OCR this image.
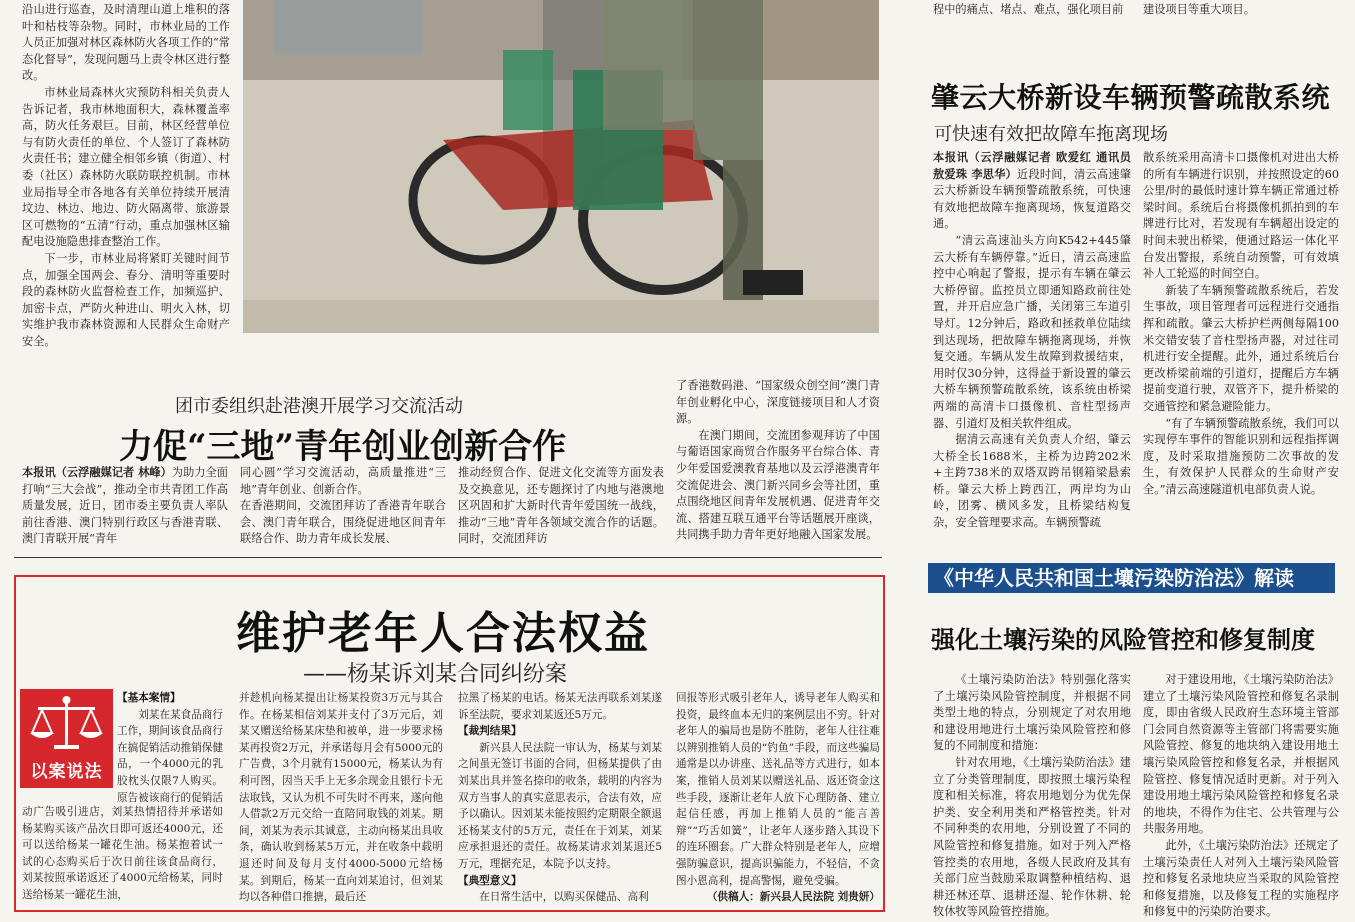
沿山进行巡查，及时清理山道上堆积的落叶和枯枝等杂物。同时，市林业局的工作人员正加强对林区森林防火各项工作的“常态化督导”，发现问题马上责令林区进行整改。

市林业局森林火灾预防科相关负责人告诉记者，我市林地面积大，森林覆盖率高，防火任务艰巨。目前，林区经营单位与有防火责任的单位、个人签订了森林防火责任书；建立健全相邻乡镇（街道）、村委（社区）森林防火联防联控机制。市林业局指导全市各地各有关单位持续开展清坟边、林边、地边、防火隔离带、旅游景区可燃物的“五清”行动，重点加强林区输配电设施隐患排查整治工作。

下一步，市林业局将紧盯关键时间节点，加强全国两会、春分、清明等重要时段的森林防火监督检查工作，加频巡护、加密卡点，严防火种进山、明火入林，切实维护我市森林资源和人民群众生命财产安全。

程中的痛点、堵点、难点，强化项目前	建设项目等重大项目。

肇云大桥新设车辆预警疏散系统
可快速有效把故障车拖离现场

本报讯（云浮融媒记者 欧爱红 通讯员 敖爱珠 李思华）近段时间，清云高速肇云大桥新设车辆预警疏散系统，可快速有效地把故障车拖离现场，恢复道路交通。

“清云高速汕头方向K542+445肇云大桥有车辆停靠。”近日，清云高速监控中心响起了警报，提示有车辆在肇云大桥停留。监控员立即通知路政前往处置，并开启应急广播，关闭第三车道引导灯。12分钟后，路政和拯救单位陆续到达现场，把故障车辆拖离现场，并恢复交通。车辆从发生故障到救援结束，用时仅30分钟，这得益于新设置的肇云大桥车辆预警疏散系统，该系统由桥梁两端的高清卡口摄像机、音柱型扬声器、引道灯及相关软件组成。

据清云高速有关负责人介绍，肇云大桥全长1688米，主桥为边跨202米+主跨738米的双塔双跨吊钢箱梁悬索桥。肇云大桥上跨西江，两岸均为山岭，团雾、横风多发，且桥梁结构复杂，安全管理要求高。车辆预警疏

散系统采用高清卡口摄像机对进出大桥的所有车辆进行识别，并按照设定的60公里/时的最低时速计算车辆正常通过桥梁时间。系统后台将摄像机抓拍到的车牌进行比对，若发现有车辆超出设定的时间未驶出桥梁，便通过路运一体化平台发出警报，系统自动预警，可有效填补人工轮巡的时间空白。

新装了车辆预警疏散系统后，若发生事故，项目管理者可远程进行交通指挥和疏散。肇云大桥护栏两侧每隔100米交错安装了音柱型扬声器，对过往司机进行安全提醒。此外，通过系统后台更改桥梁前端的引道灯，提醒后方车辆提前变道行驶，双管齐下，提升桥梁的交通管控和紧急避险能力。

“有了车辆预警疏散系统，我们可以实现停车事件的智能识别和远程指挥调度，及时采取措施预防二次事故的发生，有效保护人民群众的生命财产安全。”清云高速隧道机电部负责人说。

团市委组织赴港澳开展学习交流活动
力促“三地”青年创业创新合作

本报讯（云浮融媒记者 林峰）为助力全面打响“三大会战”，推动全市共青团工作高质量发展，近日，团市委主要负责人率队前往香港、澳门特别行政区与香港青联、澳门青联开展“青年

同心圆”学习交流活动，高质量推进“三地”青年创业、创新合作。
在香港期间，交流团拜访了香港青年联合会、澳门青年联合，围绕促进地区间青年联络合作、助力青年成长发展、

推动经贸合作、促进文化交流等方面发表及交换意见，还专题探讨了内地与港澳地区巩固和扩大新时代青年爱国统一战线，推动“三地”青年各领域交流合作的话题。同时，交流团拜访

了香港数码港、“国家级众创空间”澳门青年创业孵化中心，深度链接项目和人才资源。

在澳门期间，交流团参观拜访了中国与葡语国家商贸合作服务平台综合体、青少年爱国爱澳教育基地以及云浮港澳青年交流促进会、澳门新兴同乡会等社团，重点围绕地区间青年发展机遇、促进青年交流、搭建互联互通平台等话题展开座谈，共同携手助力青年更好地融入国家发展。

维护老年人合法权益
——杨某诉刘某合同纠纷案
以案说法

【基本案情】

刘某在某食品商行工作，期间该食品商行在搞促销活动推销保健品，一个4000元的乳胶枕头仅限7人购买。原告被该商行的促销活

动广告吸引进店，刘某热情招待并承诺如杨某购买该产品次日即可返还4000元，还可以送给杨某一罐花生油。杨某抱着试一试的心态购买后于次日前往该食品商行，刘某按照承诺返还了4000元给杨某，同时送给杨某一罐花生油，

并趁机向杨某提出让杨某投资3万元与其合作。在杨某相信刘某并支付了3万元后，刘某又赠送给杨某床垫和被单，进一步要求杨某再投资2万元，并承诺每月会有5000元的广告费，3个月就有15000元，杨某认为有利可图，因当天手上无多余现金且银行卡无法取钱，又认为机不可失时不再来，遂向他人借款2万元交给一直陪同取钱的刘某。期间，刘某为表示其诚意，主动向杨某出具收条，确认收到杨某5万元，并在收条中载明退还时间及每月支付4000-5000元给杨某。到期后，杨某一直向刘某追讨，但刘某均以各种借口推搪，最后还

拉黑了杨某的电话。杨某无法再联系刘某遂诉至法院，要求刘某返还5万元。

【裁判结果】

新兴县人民法院一审认为，杨某与刘某之间虽无签订书面的合同，但杨某提供了由刘某出具并签名捺印的收条，载明的内容为双方当事人的真实意思表示，合法有效，应予以确认。因刘某未能按照约定期限全额退还杨某支付的5万元，责任在于刘某，刘某应承担退还的责任。故杨某请求刘某退还5万元，理据充足，本院予以支持。

【典型意义】

在日常生活中，以购买保健品、高利

回报等形式吸引老年人，诱导老年人购买和投资，最终血本无归的案例层出不穷。针对老年人的骗局也是防不胜防，老年人往往难以辨别推销人员的“钓鱼”手段，而这些骗局通常是以办讲座、送礼品等方式进行，如本案，推销人员刘某以赠送礼品、返还资金这些手段，逐渐让老年人放下心理防备、建立起信任感，再加上推销人员的“能言善辩”“巧舌如簧”，让老年人逐步踏入其设下的连环圈套。广大群众特别是老年人，应增强防骗意识，提高识骗能力，不轻信，不贪图小恩高利，提高警惕，避免受骗。

（供稿人：新兴县人民法院 刘贵妍）

《中华人民共和国土壤污染防治法》解读
强化土壤污染的风险管控和修复制度

《土壤污染防治法》特别强化落实了土壤污染风险管控制度，并根据不同类型土地的特点，分别规定了对农用地和建设用地进行土壤污染风险管控和修复的不同制度和措施：

针对农用地，《土壤污染防治法》建立了分类管理制度，即按照土壤污染程度和相关标准，将农用地划分为优先保护类、安全利用类和严格管控类。针对不同种类的农用地，分别设置了不同的风险管控和修复措施。如对于列入严格管控类的农用地，各级人民政府及其有关部门应当鼓励采取调整种植结构、退耕还林还草、退耕还湿、轮作休耕、轮牧休牧等风险管控措施。

对于建设用地，《土壤污染防治法》建立了土壤污染风险管控和修复名录制度，即由省级人民政府生态环境主管部门会同自然资源等主管部门将需要实施风险管控、修复的地块纳入建设用地土壤污染风险管控和修复名录，并根据风险管控、修复情况适时更新。对于列入建设用地土壤污染风险管控和修复名录的地块，不得作为住宅、公共管理与公共服务用地。

此外，《土壤污染防治法》还规定了土壤污染责任人对列入土壤污染风险管控和修复名录地块应当采取的风险管控和修复措施，以及修复工程的实施程序和修复中的污染防治要求。
